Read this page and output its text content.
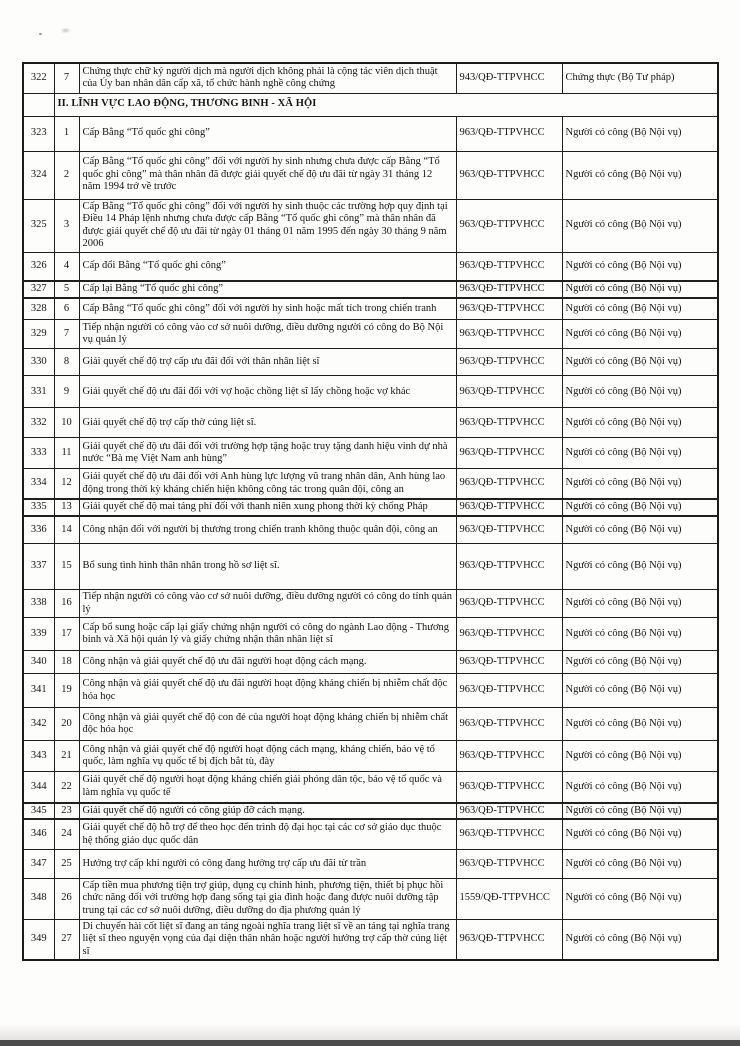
322	7	Chứng thực chữ ký người dịch mà người dịch không phải là cộng tác viên dịch thuật của Ủy ban nhân dân cấp xã, tổ chức hành nghề công chứng	943/QĐ-TTPVHCC	Chứng thực (Bộ Tư pháp)
	II. LĨNH VỰC LAO ĐỘNG, THƯƠNG BINH - XÃ HỘI			
323	1	Cấp Bằng “Tổ quốc ghi công”	963/QĐ-TTPVHCC	Người có công (Bộ Nội vụ)
324	2	Cấp Bằng “Tổ quốc ghi công” đối với người hy sinh nhưng chưa được cấp Bằng “Tổ quốc ghi công” mà thân nhân đã được giải quyết chế độ ưu đãi từ ngày 31 tháng 12 năm 1994 trở về trước	963/QĐ-TTPVHCC	Người có công (Bộ Nội vụ)
325	3	Cấp Bằng “Tổ quốc ghi công” đối với người hy sinh thuộc các trường hợp quy định tại Điều 14 Pháp lệnh nhưng chưa được cấp Bằng “Tổ quốc ghi công” mà thân nhân đã được giải quyết chế độ ưu đãi từ ngày 01 tháng 01 năm 1995 đến ngày 30 tháng 9 năm 2006	963/QĐ-TTPVHCC	Người có công (Bộ Nội vụ)
326	4	Cấp đổi Bằng “Tổ quốc ghi công”	963/QĐ-TTPVHCC	Người có công (Bộ Nội vụ)
327	5	Cấp lại Bằng “Tổ quốc ghi công”	963/QĐ-TTPVHCC	Người có công (Bộ Nội vụ)
328	6	Cấp Bằng “Tổ quốc ghi công” đối với người hy sinh hoặc mất tích trong chiến tranh	963/QĐ-TTPVHCC	Người có công (Bộ Nội vụ)
329	7	Tiếp nhận người có công vào cơ sở nuôi dưỡng, điều dưỡng người có công do Bộ Nội vụ quản lý	963/QĐ-TTPVHCC	Người có công (Bộ Nội vụ)
330	8	Giải quyết chế độ trợ cấp ưu đãi đối với thân nhân liệt sĩ	963/QĐ-TTPVHCC	Người có công (Bộ Nội vụ)
331	9	Giải quyết chế độ ưu đãi đối với vợ hoặc chồng liệt sĩ lấy chồng hoặc vợ khác	963/QĐ-TTPVHCC	Người có công (Bộ Nội vụ)
332	10	Giải quyết chế độ trợ cấp thờ cúng liệt sĩ.	963/QĐ-TTPVHCC	Người có công (Bộ Nội vụ)
333	11	Giải quyết chế độ ưu đãi đối với trường hợp tặng hoặc truy tặng danh hiệu vinh dự nhà nước “Bà mẹ Việt Nam anh hùng”	963/QĐ-TTPVHCC	Người có công (Bộ Nội vụ)
334	12	Giải quyết chế độ ưu đãi đối với Anh hùng lực lượng vũ trang nhân dân, Anh hùng lao động trong thời kỳ kháng chiến hiện không công tác trong quân đội, công an	963/QĐ-TTPVHCC	Người có công (Bộ Nội vụ)
335	13	Giải quyết chế độ mai táng phí đối với thanh niên xung phong thời kỳ chống Pháp	963/QĐ-TTPVHCC	Người có công (Bộ Nội vụ)
336	14	Công nhận đối với người bị thương trong chiến tranh không thuộc quân đội, công an	963/QĐ-TTPVHCC	Người có công (Bộ Nội vụ)
337	15	Bổ sung tình hình thân nhân trong hồ sơ liệt sĩ.	963/QĐ-TTPVHCC	Người có công (Bộ Nội vụ)
338	16	Tiếp nhận người có công vào cơ sở nuôi dưỡng, điều dưỡng người có công do tỉnh quản lý	963/QĐ-TTPVHCC	Người có công (Bộ Nội vụ)
339	17	Cấp bổ sung hoặc cấp lại giấy chứng nhận người có công do ngành Lao động - Thương binh và Xã hội quản lý và giấy chứng nhận thân nhân liệt sĩ	963/QĐ-TTPVHCC	Người có công (Bộ Nội vụ)
340	18	Công nhận và giải quyết chế độ ưu đãi người hoạt động cách mạng.	963/QĐ-TTPVHCC	Người có công (Bộ Nội vụ)
341	19	Công nhận và giải quyết chế độ ưu đãi người hoạt động kháng chiến bị nhiễm chất độc hóa học	963/QĐ-TTPVHCC	Người có công (Bộ Nội vụ)
342	20	Công nhận và giải quyết chế độ con đẻ của người hoạt động kháng chiến bị nhiễm chất độc hóa học	963/QĐ-TTPVHCC	Người có công (Bộ Nội vụ)
343	21	Công nhận và giải quyết chế độ người hoạt động cách mạng, kháng chiến, bảo vệ tổ quốc, làm nghĩa vụ quốc tế bị địch bắt tù, đày	963/QĐ-TTPVHCC	Người có công (Bộ Nội vụ)
344	22	Giải quyết chế độ người hoạt động kháng chiến giải phóng dân tộc, bảo vệ tổ quốc và làm nghĩa vụ quốc tế	963/QĐ-TTPVHCC	Người có công (Bộ Nội vụ)
345	23	Giải quyết chế độ người có công giúp đỡ cách mạng.	963/QĐ-TTPVHCC	Người có công (Bộ Nội vụ)
346	24	Giải quyết chế độ hỗ trợ để theo học đến trình độ đại học tại các cơ sở giáo dục thuộc hệ thống giáo dục quốc dân	963/QĐ-TTPVHCC	Người có công (Bộ Nội vụ)
347	25	Hưởng trợ cấp khi người có công đang hưởng trợ cấp ưu đãi từ trần	963/QĐ-TTPVHCC	Người có công (Bộ Nội vụ)
348	26	Cấp tiền mua phương tiện trợ giúp, dụng cụ chỉnh hình, phương tiện, thiết bị phục hồi chức năng đối với trường hợp đang sống tại gia đình hoặc đang được nuôi dưỡng tập trung tại các cơ sở nuôi dưỡng, điều dưỡng do địa phương quản lý	1559/QĐ-TTPVHCC	Người có công (Bộ Nội vụ)
349	27	Di chuyển hài cốt liệt sĩ đang an táng ngoài nghĩa trang liệt sĩ về an táng tại nghĩa trang liệt sĩ theo nguyện vọng của đại diện thân nhân hoặc người hưởng trợ cấp thờ cúng liệt sĩ	963/QĐ-TTPVHCC	Người có công (Bộ Nội vụ)
